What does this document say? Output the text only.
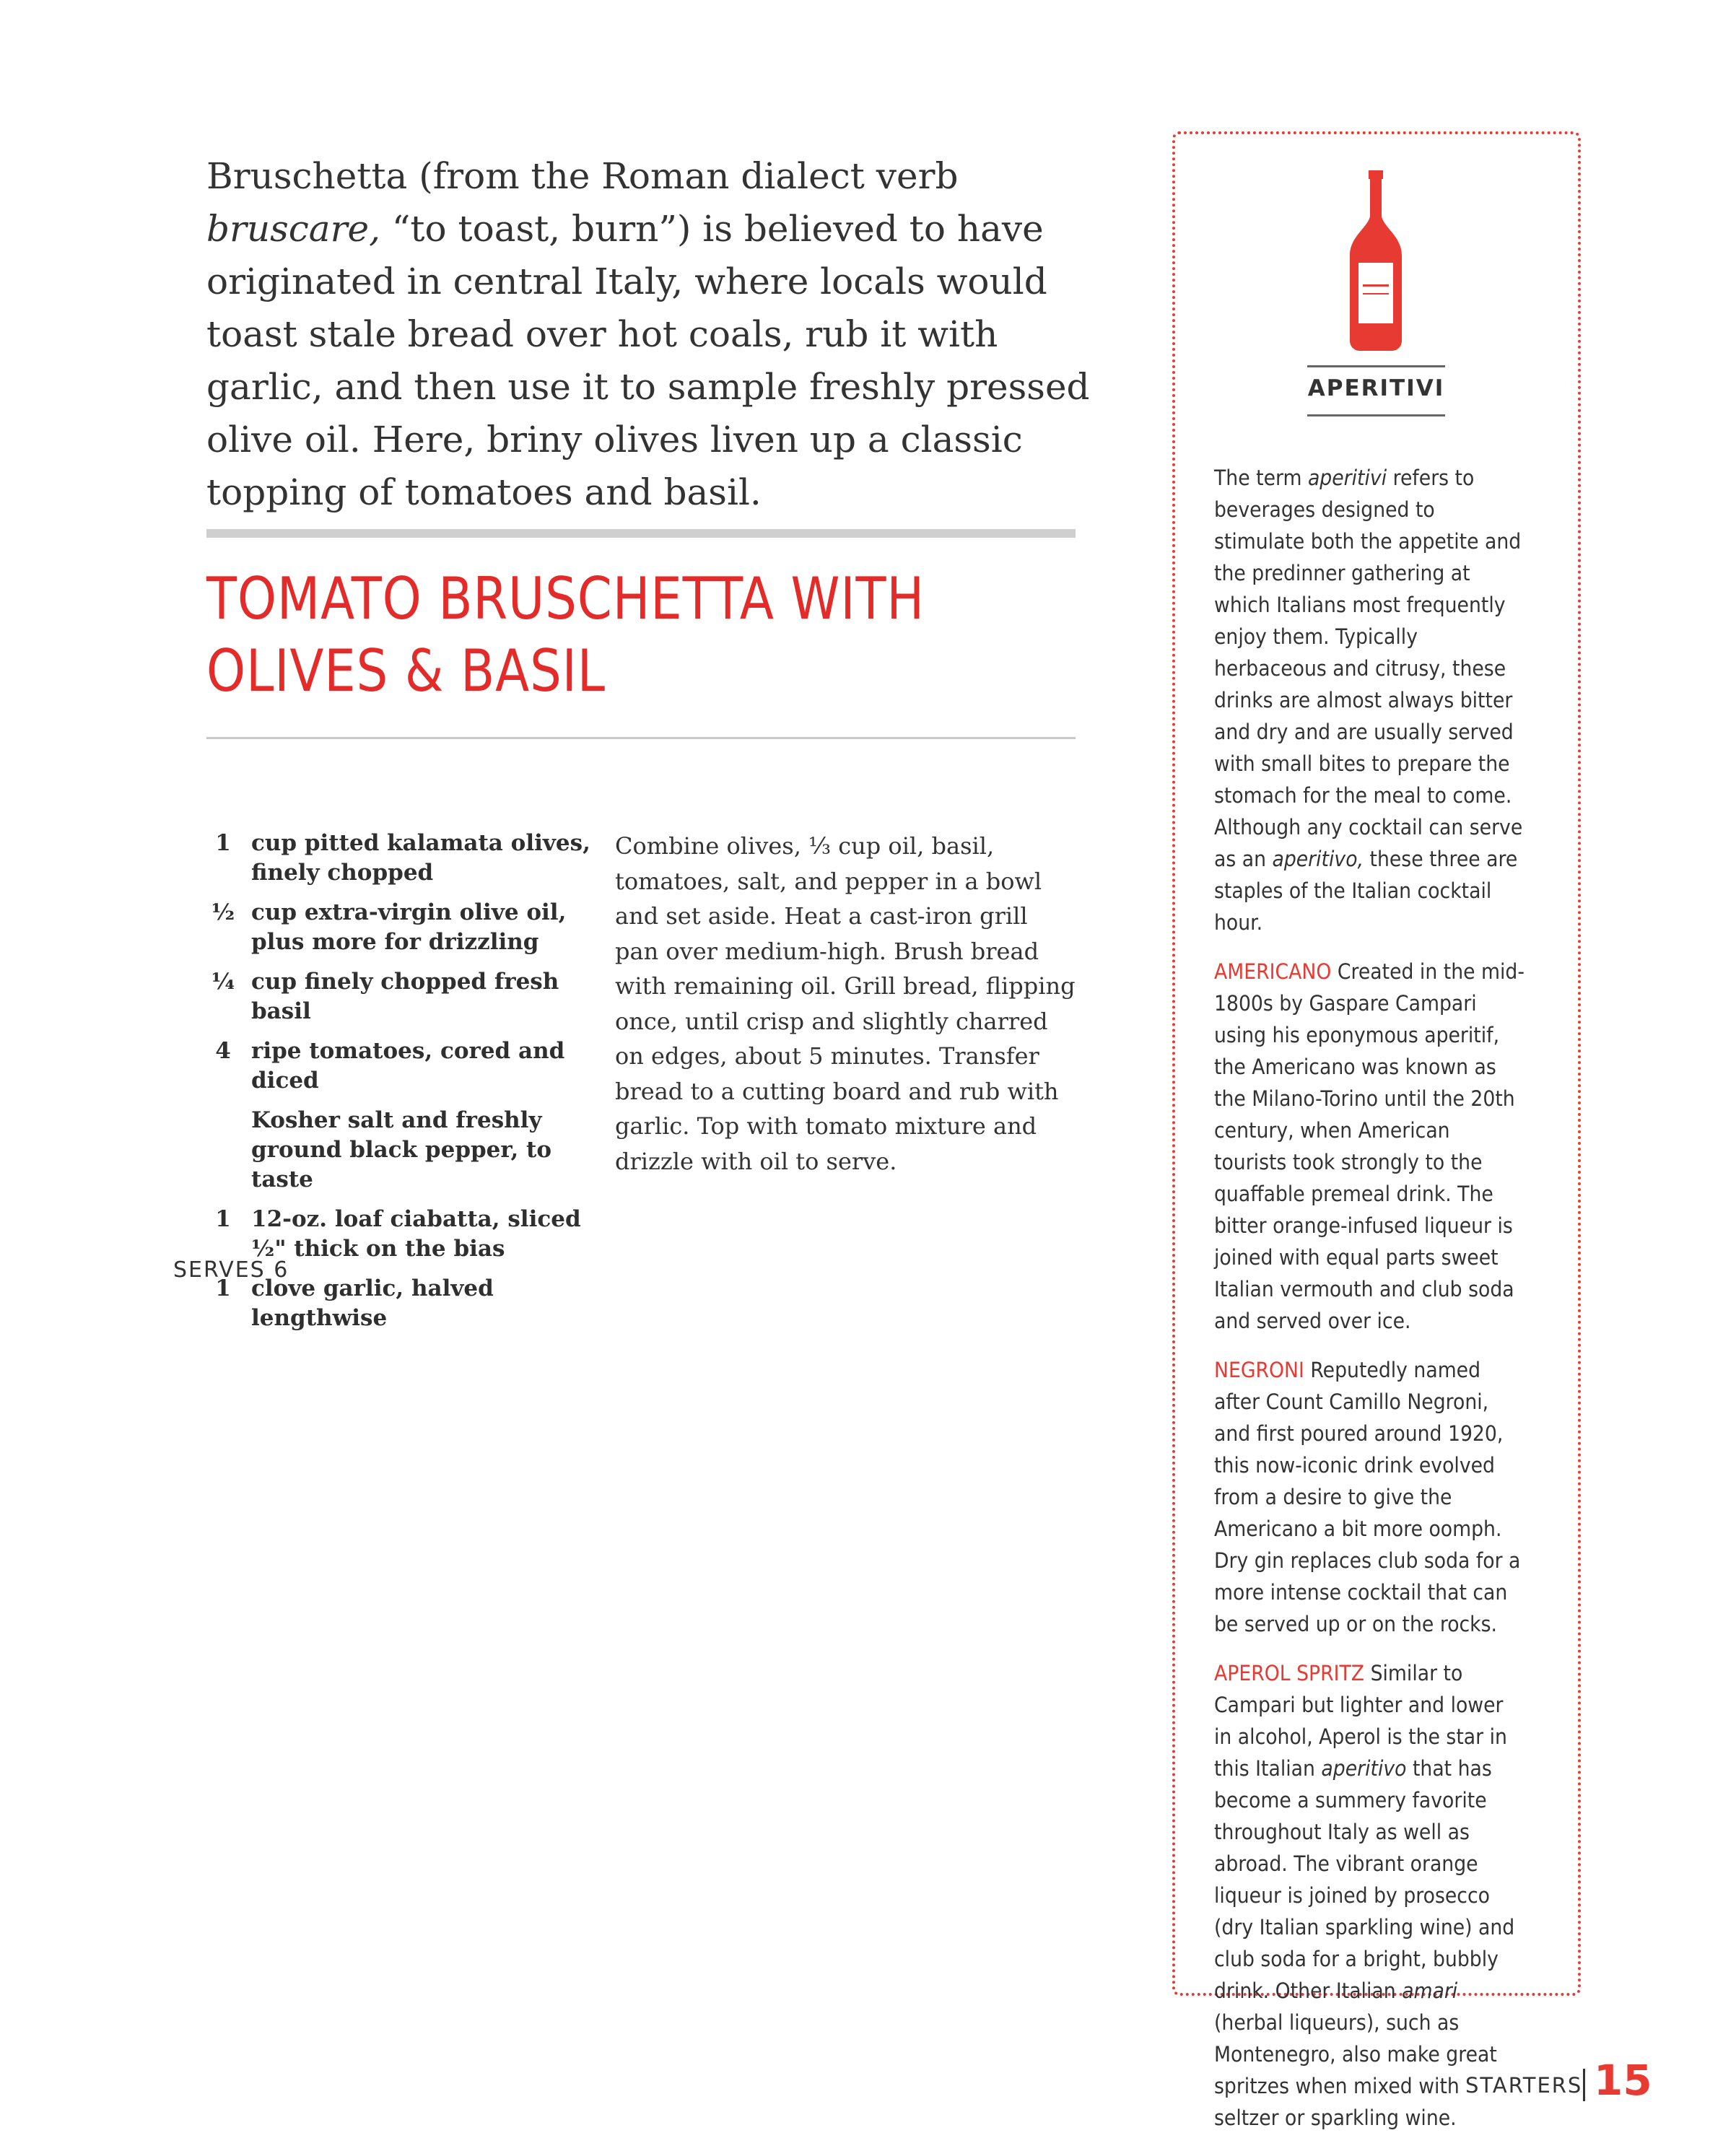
Bruschetta (from the Roman dialect verb bruscare, “to toast, burn”) is believed to have originated in central Italy, where locals would toast stale bread over hot coals, rub it with garlic, and then use it to sample freshly pressed olive oil. Here, briny olives liven up a classic topping of tomatoes and basil.
TOMATO BRUSCHETTA WITH
OLIVES & BASIL
1 cup pitted kalamata olives, finely chopped
½ cup extra-virgin olive oil, plus more for drizzling
¼ cup finely chopped fresh basil
4 ripe tomatoes, cored and diced
Kosher salt and freshly ground black pepper, to taste
1 12-oz. loaf ciabatta, sliced ½" thick on the bias
1 clove garlic, halved lengthwise
Combine olives, ⅓ cup oil, basil, tomatoes, salt, and pepper in a bowl and set aside. Heat a cast-iron grill pan over medium-high. Brush bread with remaining oil. Grill bread, flipping once, until crisp and slightly charred on edges, about 5 minutes. Transfer bread to a cutting board and rub with garlic. Top with tomato mixture and drizzle with oil to serve.
SERVES 6
APERITIVI

The term aperitivi refers to beverages designed to stimulate both the appetite and the predinner gathering at which Italians most frequently enjoy them. Typically herbaceous and citrusy, these drinks are almost always bitter and dry and are usually served with small bites to prepare the stomach for the meal to come. Although any cocktail can serve as an aperitivo, these three are staples of the Italian cocktail hour.

AMERICANO Created in the mid-1800s by Gaspare Campari using his eponymous aperitif, the Americano was known as the Milano-Torino until the 20th century, when American tourists took strongly to the quaffable premeal drink. The bitter orange-infused liqueur is joined with equal parts sweet Italian vermouth and club soda and served over ice.

NEGRONI Reputedly named after Count Camillo Negroni, and first poured around 1920, this now-iconic drink evolved from a desire to give the Americano a bit more oomph. Dry gin replaces club soda for a more intense cocktail that can be served up or on the rocks.

APEROL SPRITZ Similar to Campari but lighter and lower in alcohol, Aperol is the star in this Italian aperitivo that has become a summery favorite throughout Italy as well as abroad. The vibrant orange liqueur is joined by prosecco (dry Italian sparkling wine) and club soda for a bright, bubbly drink. Other Italian amari (herbal liqueurs), such as Montenegro, also make great spritzes when mixed with seltzer or sparkling wine.

STARTERS 15
